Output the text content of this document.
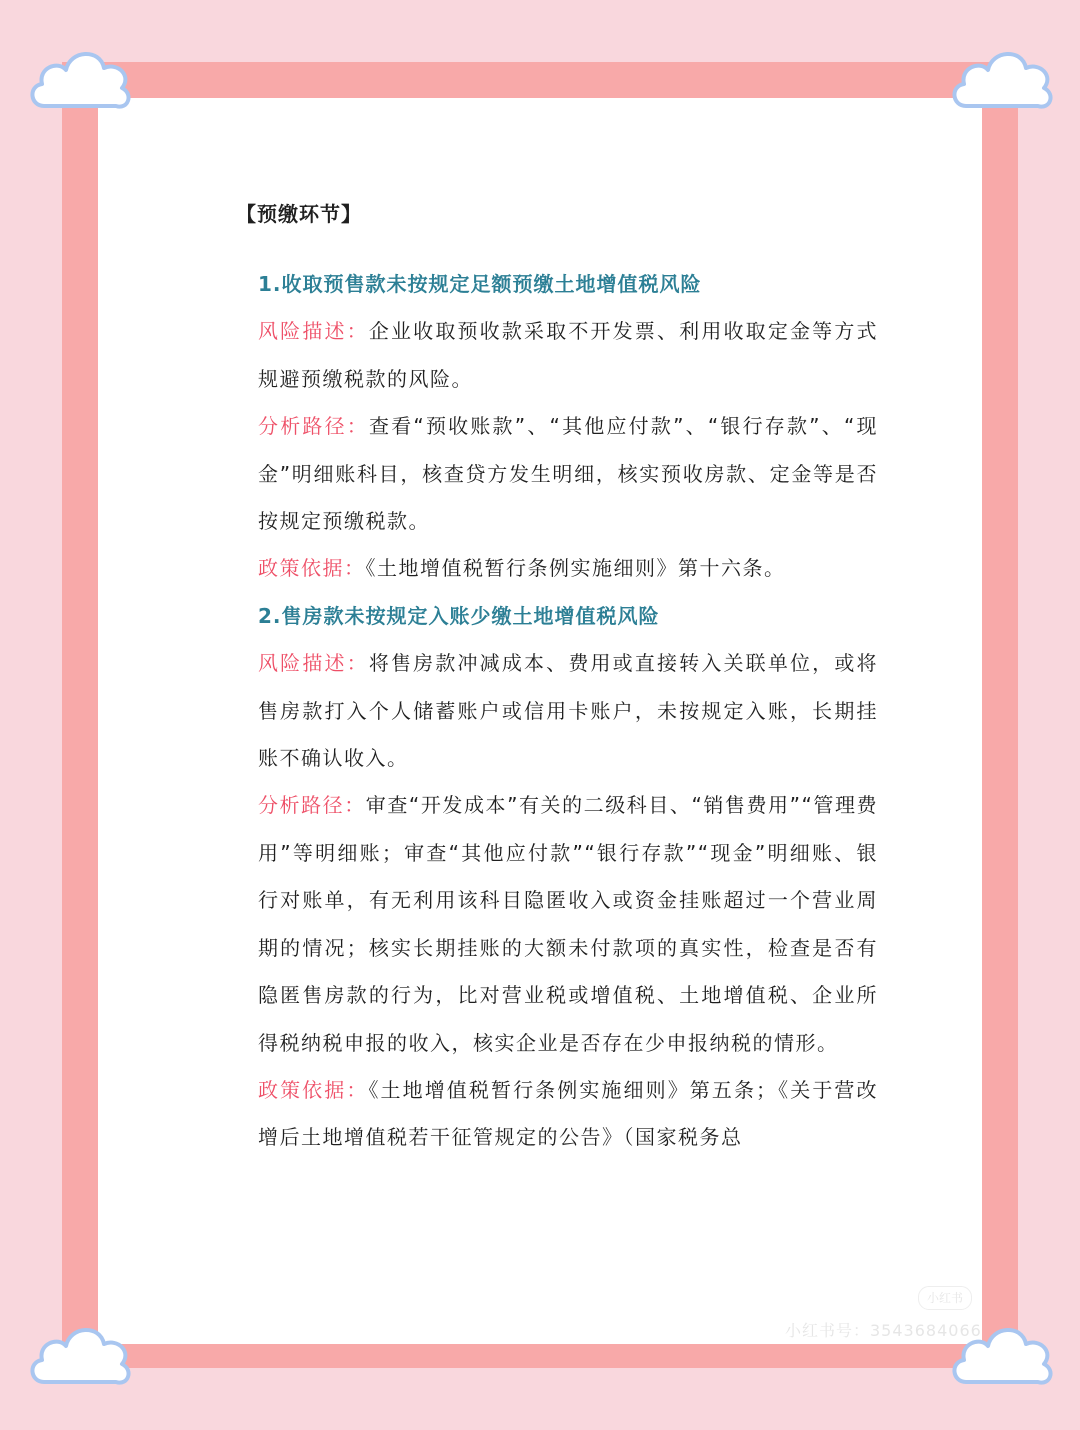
【预缴环节】
1.收取预售款未按规定足额预缴土地增值税风险
风险描述：企业收取预收款采取不开发票、利用收取定金等方式规避预缴税款的风险。
分析路径：查看“预收账款”、“其他应付款”、“银行存款”、“现金”明细账科目，核查贷方发生明细，核实预收房款、定金等是否按规定预缴税款。
政策依据：《土地增值税暂行条例实施细则》第十六条。
2.售房款未按规定入账少缴土地增值税风险
风险描述：将售房款冲减成本、费用或直接转入关联单位，或将售房款打入个人储蓄账户或信用卡账户，未按规定入账，长期挂账不确认收入。
分析路径：审查“开发成本”有关的二级科目、“销售费用”“管理费用”等明细账；审查“其他应付款”“银行存款”“现金”明细账、银行对账单，有无利用该科目隐匿收入或资金挂账超过一个营业周期的情况；核实长期挂账的大额未付款项的真实性，检查是否有隐匿售房款的行为，比对营业税或增值税、土地增值税、企业所得税纳税申报的收入，核实企业是否存在少申报纳税的情形。
政策依据：《土地增值税暂行条例实施细则》第五条；《关于营改增后土地增值税若干征管规定的公告》（国家税务总
小红书
小红书号：3543684066
